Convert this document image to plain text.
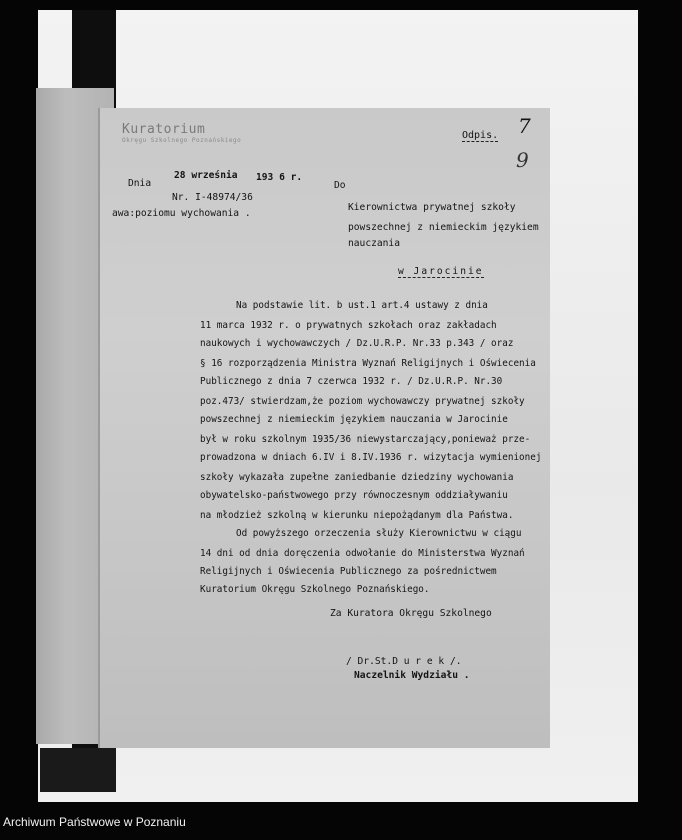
Kuratorium
Okręgu Szkolnego Poznańskiego	Odpis. 7
9
Dnia
28 września 193 6 r.
Do
Nr. I-48974/36
awa:poziomu wychowania .
Kierownictwa prywatnej szkoły
powszechnej z niemieckim językiem
nauczania
w Jarocinie
Na podstawie lit. b ust.1 art.4 ustawy z dnia
11 marca 1932 r. o prywatnych szkołach oraz zakładach
naukowych i wychowawczych / Dz.U.R.P. Nr.33 p.343 / oraz
§ 16 rozporządzenia Ministra Wyznań Religijnych i Oświecenia
Publicznego z dnia 7 czerwca 1932 r. / Dz.U.R.P. Nr.30
poz.473/ stwierdzam,że poziom wychowawczy prywatnej szkoły
powszechnej z niemieckim językiem nauczania w Jarocinie
był w roku szkolnym 1935/36 niewystarczający,ponieważ prze-
prowadzona w dniach 6.IV i 8.IV.1936 r. wizytacja wymienionej
szkoły wykazała zupełne zaniedbanie dziedziny wychowania
obywatelsko-państwowego przy równoczesnym oddziaływaniu
na młodzież szkolną w kierunku niepożądanym dla Państwa.
Od powyższego orzeczenia służy Kierownictwu w ciągu
14 dni od dnia doręczenia odwołanie do Ministerstwa Wyznań
Religijnych i Oświecenia Publicznego za pośrednictwem
Kuratorium Okręgu Szkolnego Poznańskiego.
Za Kuratora Okręgu Szkolnego
/ Dr.St.D u r e k /.
Naczelnik Wydziału .
Archiwum Państwowe w Poznaniu
